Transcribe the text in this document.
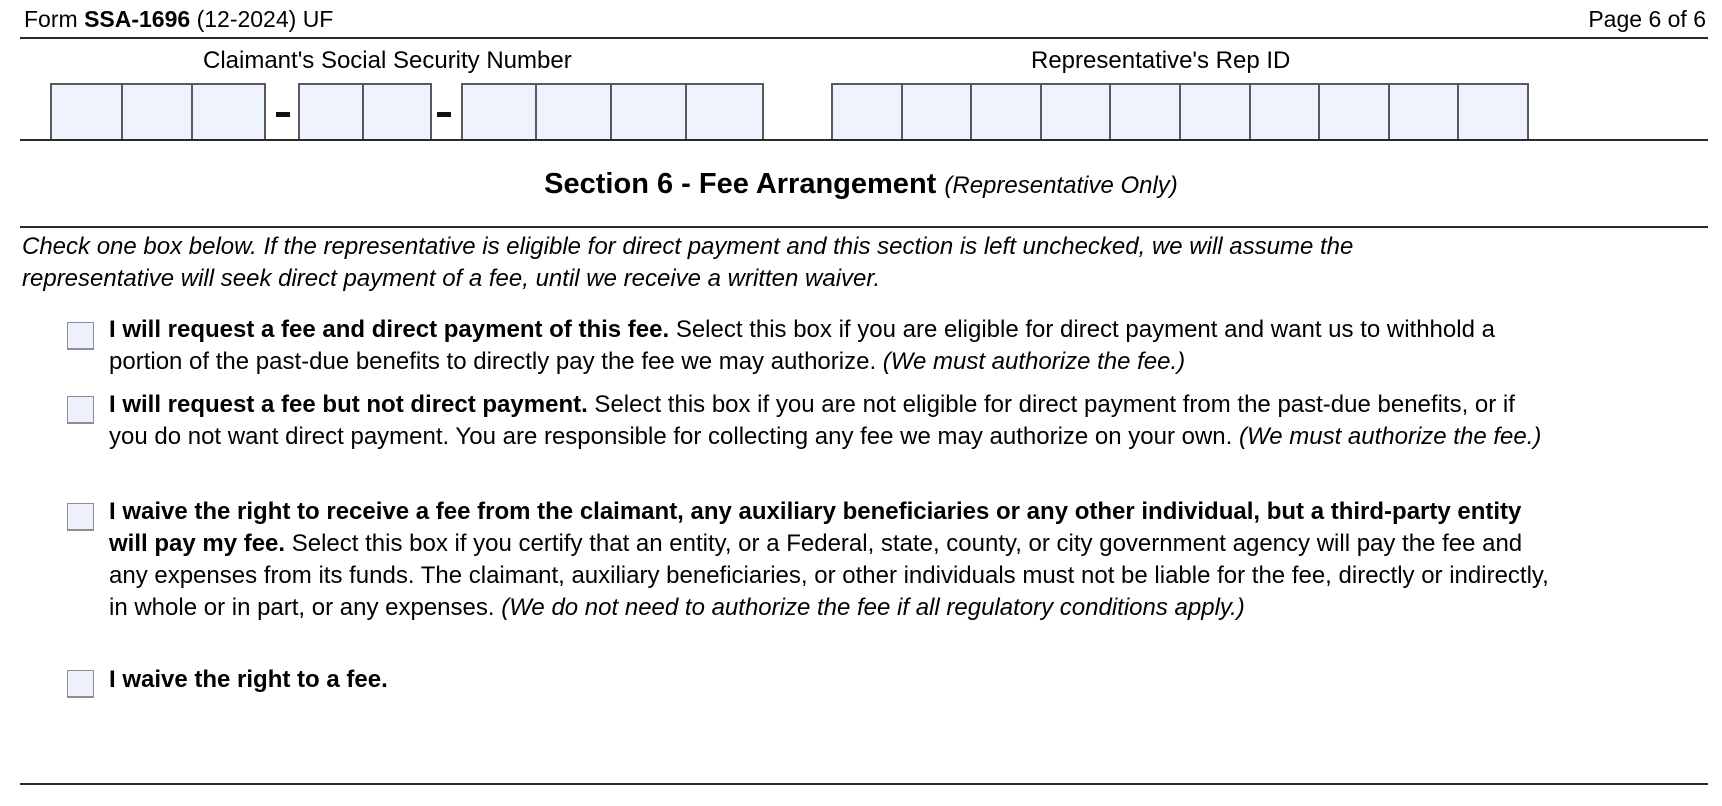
Form SSA-1696 (12-2024) UF	Page 6 of 6
Claimant's Social Security Number	Representative's Rep ID
Section 6 - Fee Arrangement (Representative Only)
Check one box below. If the representative is eligible for direct payment and this section is left unchecked, we will assume the
representative will seek direct payment of a fee, until we receive a written waiver.
I will request a fee and direct payment of this fee. Select this box if you are eligible for direct payment and want us to withhold a portion of the past-due benefits to directly pay the fee we may authorize. (We must authorize the fee.)
I will request a fee but not direct payment. Select this box if you are not eligible for direct payment from the past-due benefits, or if you do not want direct payment. You are responsible for collecting any fee we may authorize on your own. (We must authorize the fee.)
I waive the right to receive a fee from the claimant, any auxiliary beneficiaries or any other individual, but a third-party entity will pay my fee. Select this box if you certify that an entity, or a Federal, state, county, or city government agency will pay the fee and any expenses from its funds. The claimant, auxiliary beneficiaries, or other individuals must not be liable for the fee, directly or indirectly, in whole or in part, or any expenses. (We do not need to authorize the fee if all regulatory conditions apply.)
I waive the right to a fee.
